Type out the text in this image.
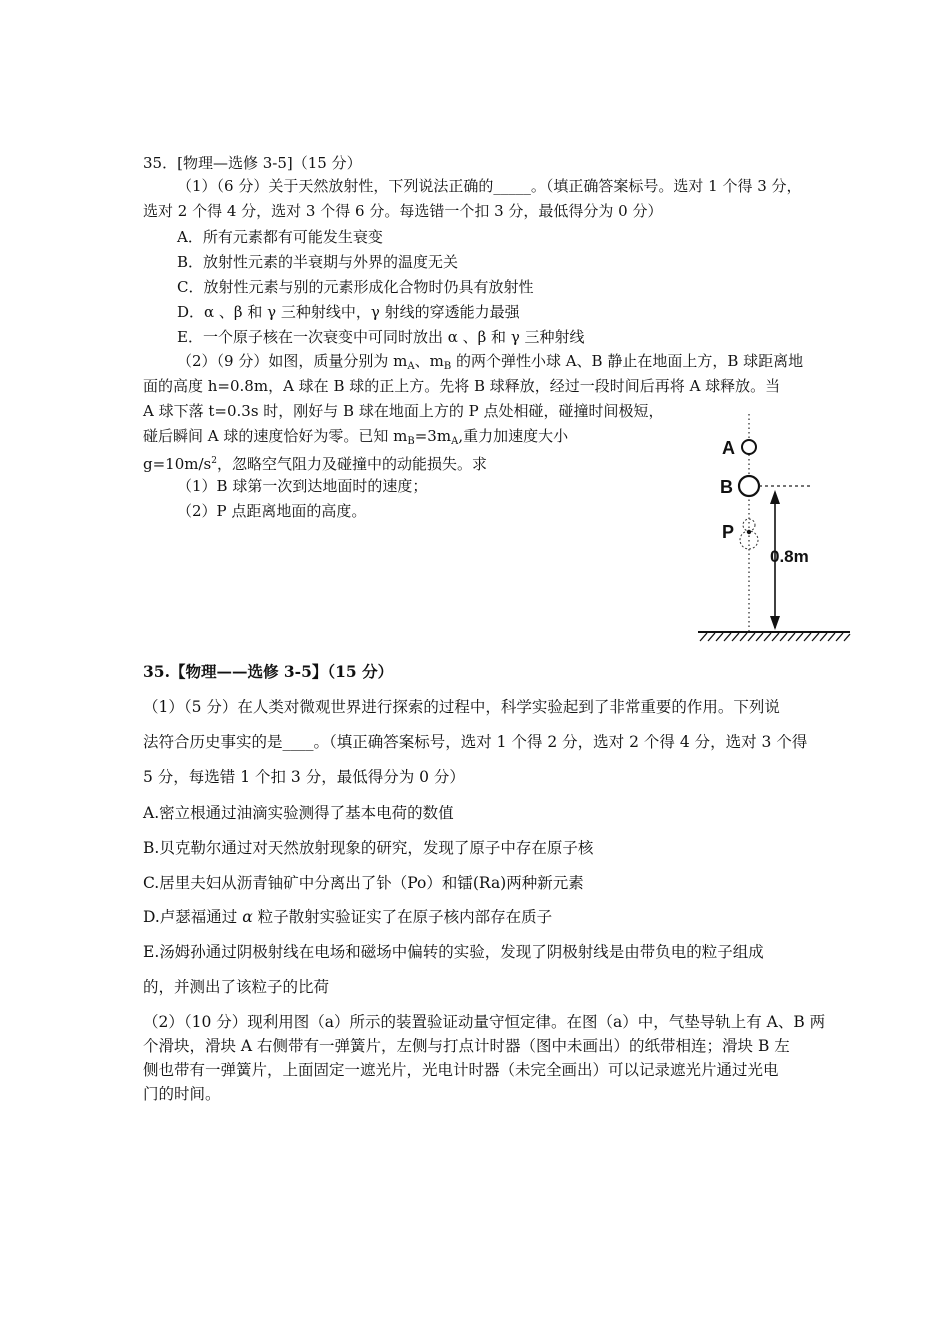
35．[物理—选修 3-5]（15 分）
（1）（6 分）关于天然放射性，下列说法正确的_____。（填正确答案标号。选对 1 个得 3 分，
选对 2 个得 4 分，选对 3 个得 6 分。每选错一个扣 3 分，最低得分为 0 分）
A．所有元素都有可能发生衰变
B．放射性元素的半衰期与外界的温度无关
C．放射性元素与别的元素形成化合物时仍具有放射性
D．α 、β 和 γ 三种射线中，γ 射线的穿透能力最强
E．一个原子核在一次衰变中可同时放出 α 、β 和 γ 三种射线
（2）（9 分）如图，质量分别为 $m_A$、$m_B$ 的两个弹性小球 A、B 静止在地面上方，B 球距离地
面的高度 h=0.8m，A 球在 B 球的正上方。先将 B 球释放，经过一段时间后再将 A 球释放。当
A 球下落 t=0.3s 时，刚好与 B 球在地面上方的 P 点处相碰，碰撞时间极短，
碰后瞬间 A 球的速度恰好为零。已知 $m_B=3m_A$,重力加速度大小
$g=10m/s^2$，忽略空气阻力及碰撞中的动能损失。求
（1）B 球第一次到达地面时的速度；
（2）P 点距离地面的高度。
A
B
P
0.8m
35.【物理——选修 3-5】（15 分）
（1）（5 分）在人类对微观世界进行探索的过程中，科学实验起到了非常重要的作用。下列说
法符合历史事实的是____。（填正确答案标号，选对 1 个得 2 分，选对 2 个得 4 分，选对 3 个得
5 分，每选错 1 个扣 3 分，最低得分为 0 分）
A.密立根通过油滴实验测得了基本电荷的数值
B.贝克勒尔通过对天然放射现象的研究，发现了原子中存在原子核
C.居里夫妇从沥青铀矿中分离出了钋（Po）和镭(Ra)两种新元素
D.卢瑟福通过 α 粒子散射实验证实了在原子核内部存在质子
E.汤姆孙通过阴极射线在电场和磁场中偏转的实验，发现了阴极射线是由带负电的粒子组成
的，并测出了该粒子的比荷
（2）（10 分）现利用图（a）所示的装置验证动量守恒定律。在图（a）中，气垫导轨上有 A、B 两
个滑块，滑块 A 右侧带有一弹簧片，左侧与打点计时器（图中未画出）的纸带相连；滑块 B 左
侧也带有一弹簧片，上面固定一遮光片，光电计时器（未完全画出）可以记录遮光片通过光电
门的时间。
